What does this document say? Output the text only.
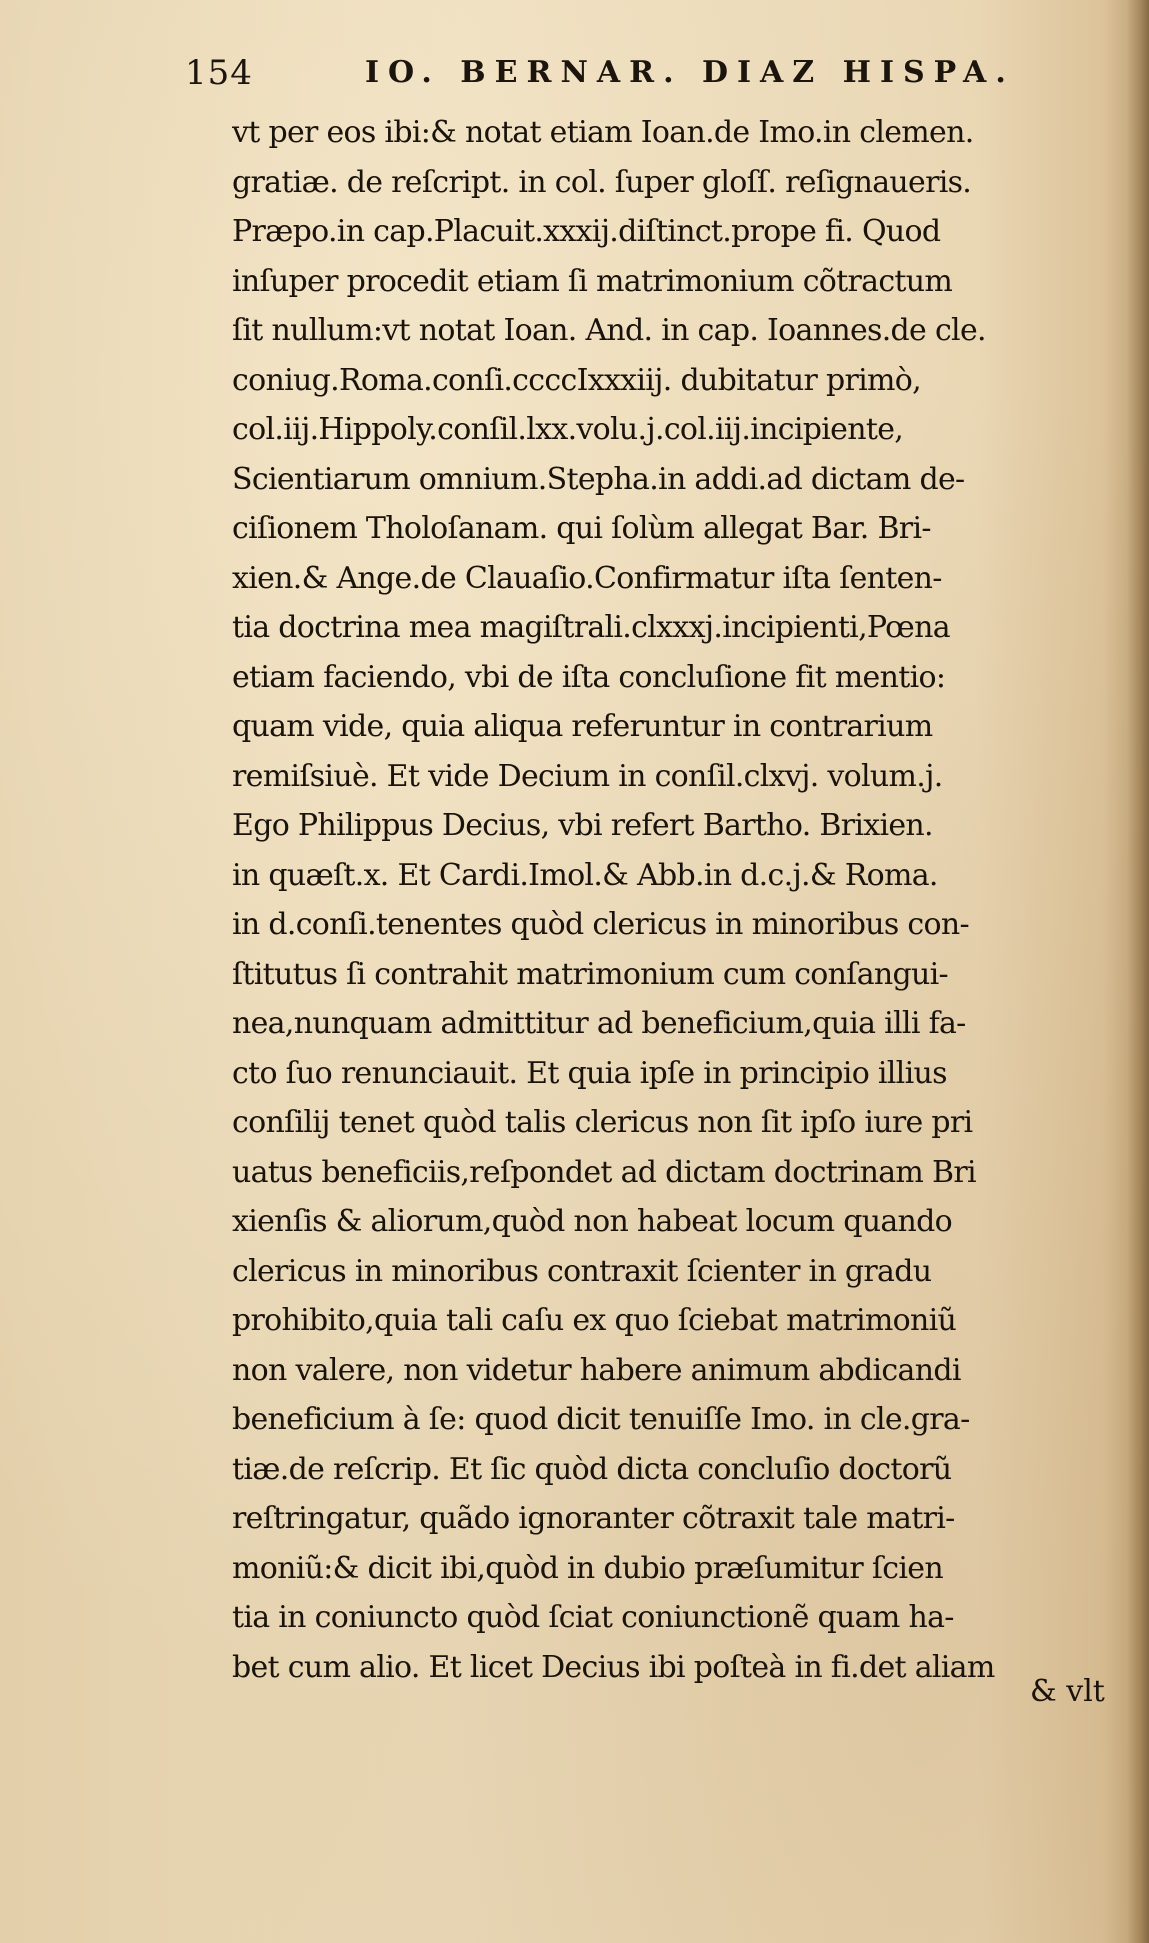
154	IO. BERNAR. DIAZ HISPA.
vt per eos ibi:& notat etiam Ioan.de Imo.in clemen.
gratiæ. de reſcript. in col. ſuper gloſſ. reſignaueris.
Præpo.in cap.Placuit.xxxij.diſtinct.prope fi. Quod
inſuper procedit etiam ſi matrimonium cõtractum
ſit nullum:vt notat Ioan. And. in cap. Ioannes.de cle.
coniug.Roma.conſi.ccccIxxxiij. dubitatur primò,
col.iij.Hippoly.conſil.lxx.volu.j.col.iij.incipiente,
Scientiarum omnium.Stepha.in addi.ad dictam de-
ciſionem Tholoſanam. qui ſolùm allegat Bar. Bri-
xien.& Ange.de Clauaſio.Confirmatur iſta ſenten-
tia doctrina mea magiſtrali.clxxxj.incipienti,Pœna
etiam faciendo, vbi de iſta concluſione fit mentio:
quam vide, quia aliqua referuntur in contrarium
remiſsiuè. Et vide Decium in conſil.clxvj. volum.j.
Ego Philippus Decius, vbi refert Bartho. Brixien.
in quæſt.x. Et Cardi.Imol.& Abb.in d.c.j.& Roma.
in d.conſi.tenentes quòd clericus in minoribus con-
ſtitutus ſi contrahit matrimonium cum conſangui-
nea,nunquam admittitur ad beneficium,quia illi fa-
cto ſuo renunciauit. Et quia ipſe in principio illius
conſilij tenet quòd talis clericus non ſit ipſo iure pri
uatus beneficiis,reſpondet ad dictam doctrinam Bri
xienſis & aliorum,quòd non habeat locum quando
clericus in minoribus contraxit ſcienter in gradu
prohibito,quia tali caſu ex quo ſciebat matrimoniũ
non valere, non videtur habere animum abdicandi
beneficium à ſe: quod dicit tenuiſſe Imo. in cle.gra-
tiæ.de reſcrip. Et ſic quòd dicta concluſio doctorũ
reſtringatur, quãdo ignoranter cõtraxit tale matri-
moniũ:& dicit ibi,quòd in dubio præſumitur ſcien
tia in coniuncto quòd ſciat coniunctionẽ quam ha-
bet cum alio. Et licet Decius ibi poſteà in fi.det aliam
& vlt
